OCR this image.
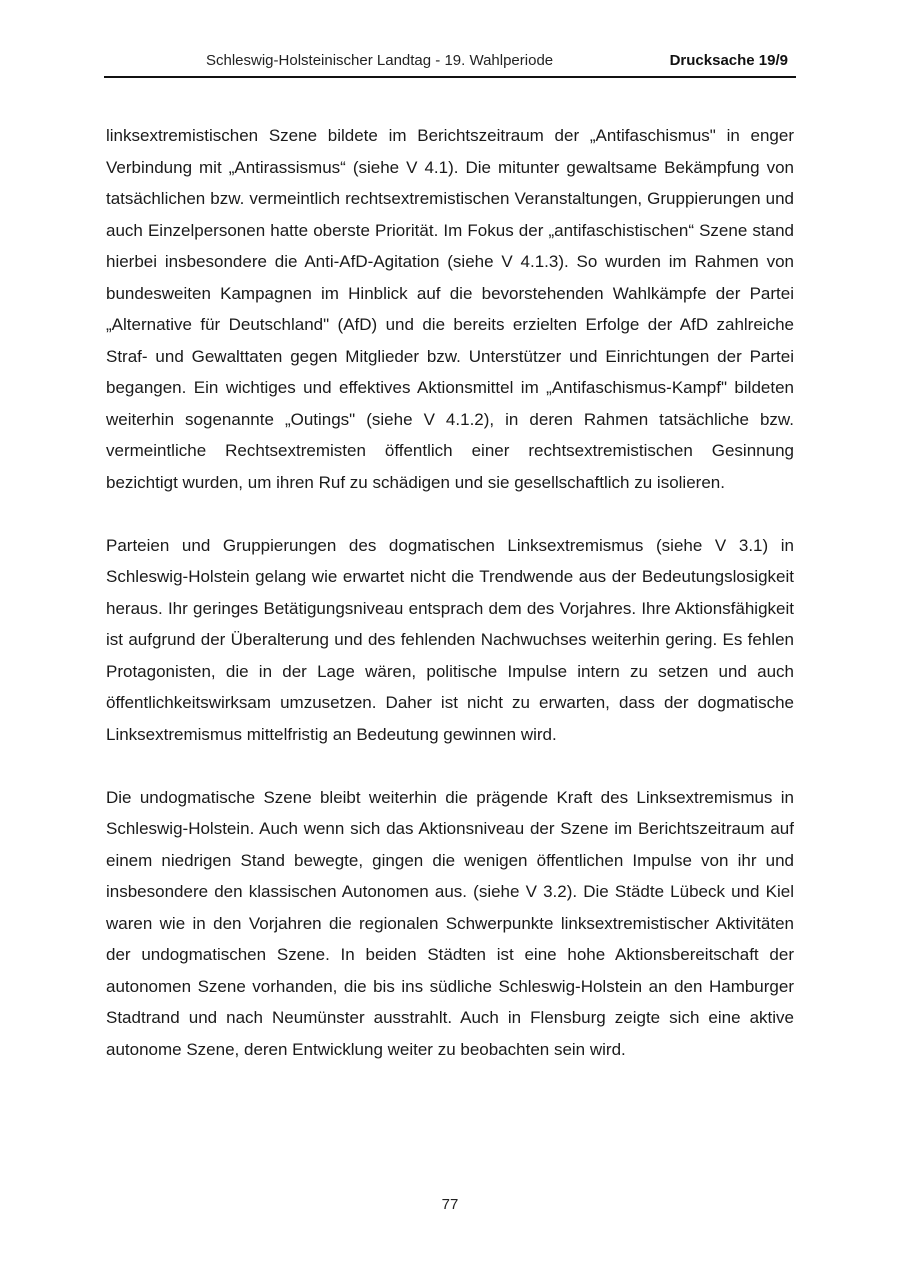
Schleswig-Holsteinischer Landtag - 19. Wahlperiode	Drucksache 19/9

linksextremistischen Szene bildete im Berichtszeitraum der „Antifaschismus" in enger Verbindung mit „Antirassismus“ (siehe V 4.1). Die mitunter gewaltsame Bekämpfung von tatsächlichen bzw. vermeintlich rechtsextremistischen Veranstaltungen, Gruppierungen und auch Einzelpersonen hatte oberste Priorität. Im Fokus der „antifaschistischen“ Szene stand hierbei insbesondere die Anti-AfD-Agitation (siehe V 4.1.3). So wurden im Rahmen von bundesweiten Kampagnen im Hinblick auf die bevorstehenden Wahlkämpfe der Partei „Alternative für Deutschland" (AfD) und die bereits erzielten Erfolge der AfD zahlreiche Straf- und Gewalttaten gegen Mitglieder bzw. Unterstützer und Einrichtungen der Partei begangen. Ein wichtiges und effektives Aktionsmittel im „Antifaschismus-Kampf" bildeten weiterhin sogenannte „Outings" (siehe V 4.1.2), in deren Rahmen tatsächliche bzw. vermeintliche Rechtsextremisten öffentlich einer rechtsextremistischen Gesinnung bezichtigt wurden, um ihren Ruf zu schädigen und sie gesellschaftlich zu isolieren.

Parteien und Gruppierungen des dogmatischen Linksextremismus (siehe V 3.1) in Schleswig-Holstein gelang wie erwartet nicht die Trendwende aus der Bedeutungslosigkeit heraus. Ihr geringes Betätigungsniveau entsprach dem des Vorjahres. Ihre Aktionsfähigkeit ist aufgrund der Überalterung und des fehlenden Nachwuchses weiterhin gering. Es fehlen Protagonisten, die in der Lage wären, politische Impulse intern zu setzen und auch öffentlichkeitswirksam umzusetzen. Daher ist nicht zu erwarten, dass der dogmatische Linksextremismus mittelfristig an Bedeutung gewinnen wird.

Die undogmatische Szene bleibt weiterhin die prägende Kraft des Linksextremismus in Schleswig-Holstein. Auch wenn sich das Aktionsniveau der Szene im Berichtszeitraum auf einem niedrigen Stand bewegte, gingen die wenigen öffentlichen Impulse von ihr und insbesondere den klassischen Autonomen aus. (siehe V 3.2). Die Städte Lübeck und Kiel waren wie in den Vorjahren die regionalen Schwerpunkte linksextremistischer Aktivitäten der undogmatischen Szene. In beiden Städten ist eine hohe Aktionsbereitschaft der autonomen Szene vorhanden, die bis ins südliche Schleswig-Holstein an den Hamburger Stadtrand und nach Neumünster ausstrahlt. Auch in Flensburg zeigte sich eine aktive autonome Szene, deren Entwicklung weiter zu beobachten sein wird.

77
